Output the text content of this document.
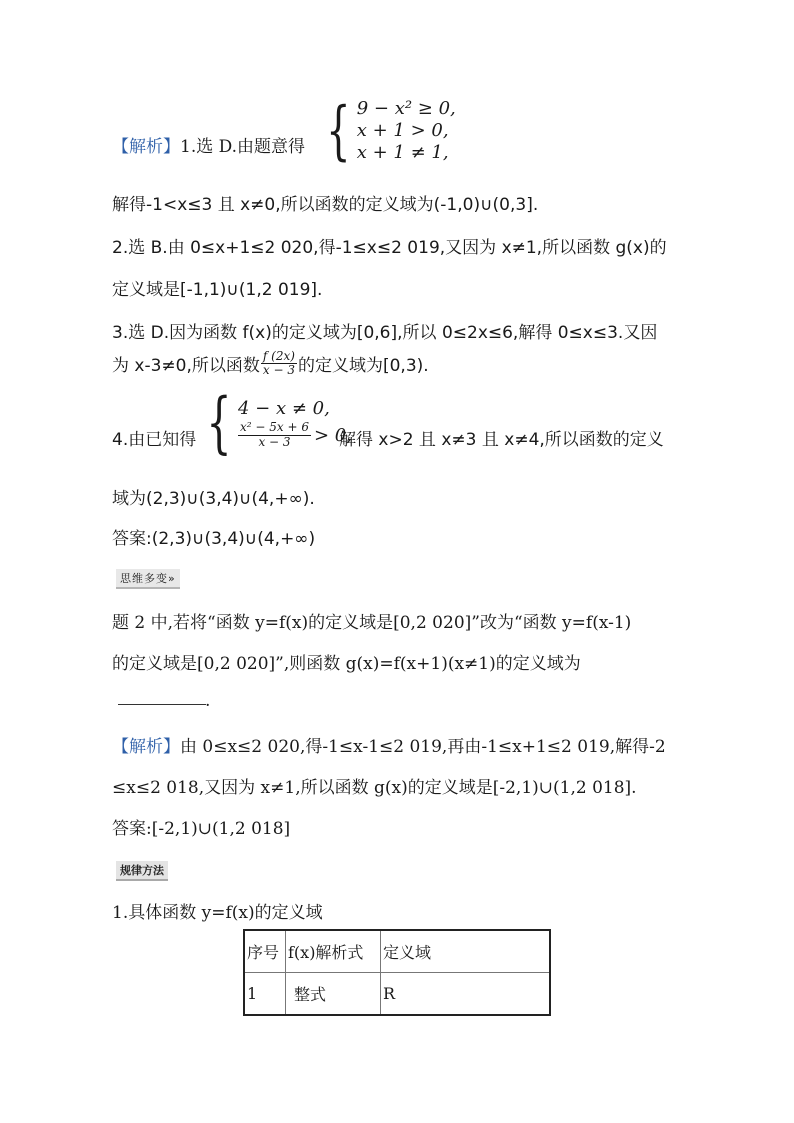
【解析】1.选 D.由题意得 { 9 − x² ≥ 0,
x + 1 > 0,
x + 1 ≠ 1,
解得-1<x≤3 且 x≠0,所以函数的定义域为(-1,0)∪(0,3].
2.选 B.由 0≤x+1≤2 020,得-1≤x≤2 019,又因为 x≠1,所以函数 g(x)的
定义域是[-1,1)∪(1,2 019].
3.选 D.因为函数 f(x)的定义域为[0,6],所以 0≤2x≤6,解得 0≤x≤3.又因
为 x-3≠0,所以函数 $\frac{f (2x)}{x - 3}$ 的定义域为[0,3).
4.由已知得 { 4 − x ≠ 0,
$\frac{\text{x² − 5x + 6}}{x - 3} > 0$,
解得 x>2 且 x≠3 且 x≠4,所以函数的定义
域为(2,3)∪(3,4)∪(4,+∞).
答案:(2,3)∪(3,4)∪(4,+∞)
思维多变»
题 2 中,若将“函数 y=f(x)的定义域是[0,2 020]”改为“函数 y=f(x-1)
的定义域是[0,2 020]”,则函数 g(x)=f(x+1)(x≠1)的定义域为
.
【解析】由 0≤x≤2 020,得-1≤x-1≤2 019,再由-1≤x+1≤2 019,解得-2
≤x≤2 018,又因为 x≠1,所以函数 g(x)的定义域是[-2,1)∪(1,2 018].
答案:[-2,1)∪(1,2 018]
规律方法
1.具体函数 y=f(x)的定义域
序号	f(x)解析式	定义域
1	整式	R
